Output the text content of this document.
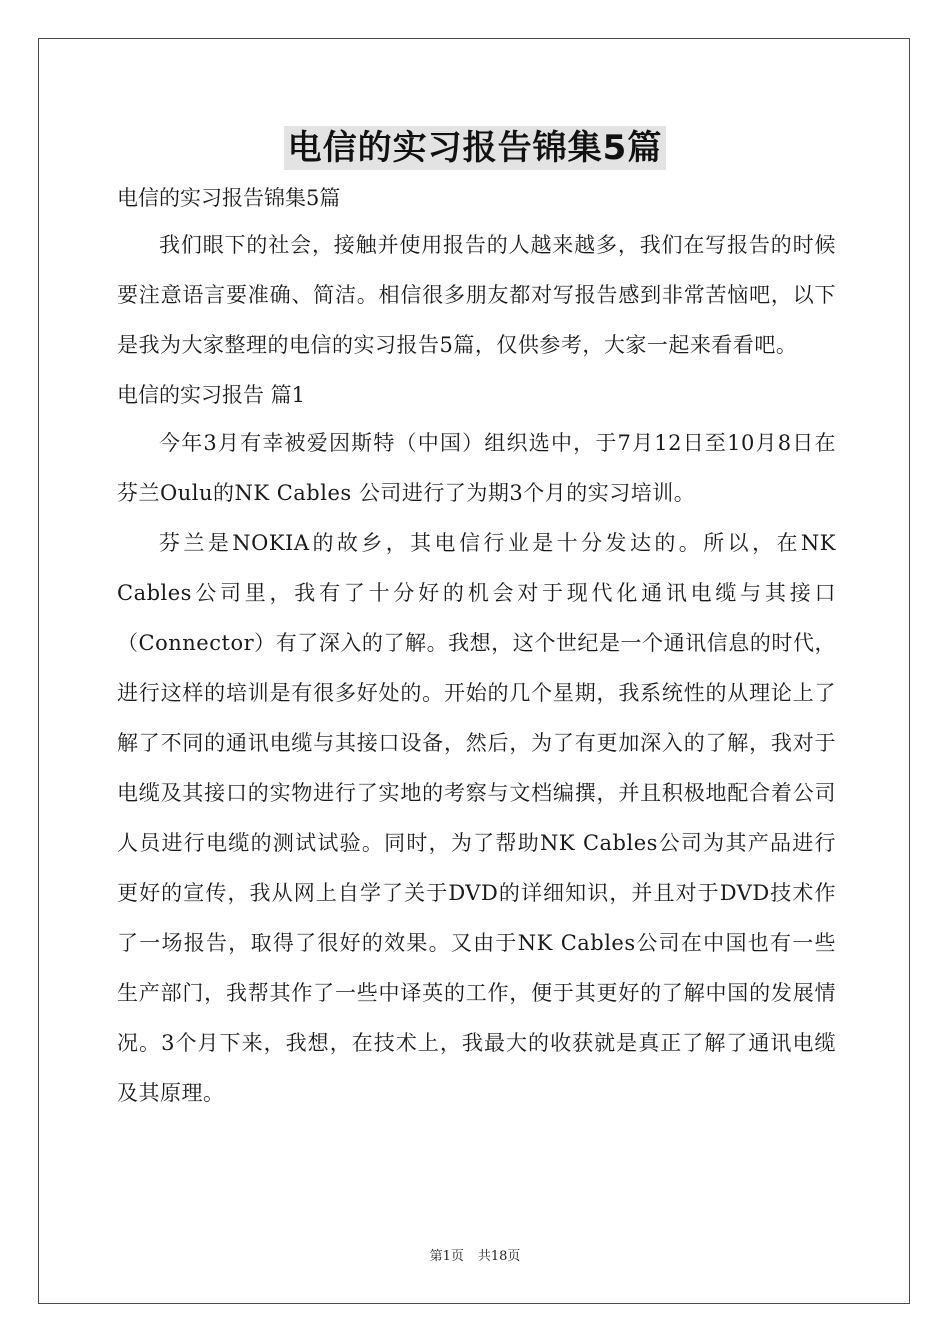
电信的实习报告锦集5篇

电信的实习报告锦集5篇

我们眼下的社会，接触并使用报告的人越来越多，我们在写报告的时候要注意语言要准确、简洁。相信很多朋友都对写报告感到非常苦恼吧，以下是我为大家整理的电信的实习报告5篇，仅供参考，大家一起来看看吧。

电信的实习报告 篇1

今年3月有幸被爱因斯特（中国）组织选中，于7月12日至10月8日在芬兰Oulu的NK Cables 公司进行了为期3个月的实习培训。

芬兰是NOKIA的故乡，其电信行业是十分发达的。所以，在NK Cables公司里，我有了十分好的机会对于现代化通讯电缆与其接口（Connector）有了深入的了解。我想，这个世纪是一个通讯信息的时代，进行这样的培训是有很多好处的。开始的几个星期，我系统性的从理论上了解了不同的通讯电缆与其接口设备，然后，为了有更加深入的了解，我对于电缆及其接口的实物进行了实地的考察与文档编撰，并且积极地配合着公司人员进行电缆的测试试验。同时，为了帮助NK Cables公司为其产品进行更好的宣传，我从网上自学了关于DVD的详细知识，并且对于DVD技术作了一场报告，取得了很好的效果。又由于NK Cables公司在中国也有一些生产部门，我帮其作了一些中译英的工作，便于其更好的了解中国的发展情况。3个月下来，我想，在技术上，我最大的收获就是真正了解了通讯电缆及其原理。

第1页 共18页
